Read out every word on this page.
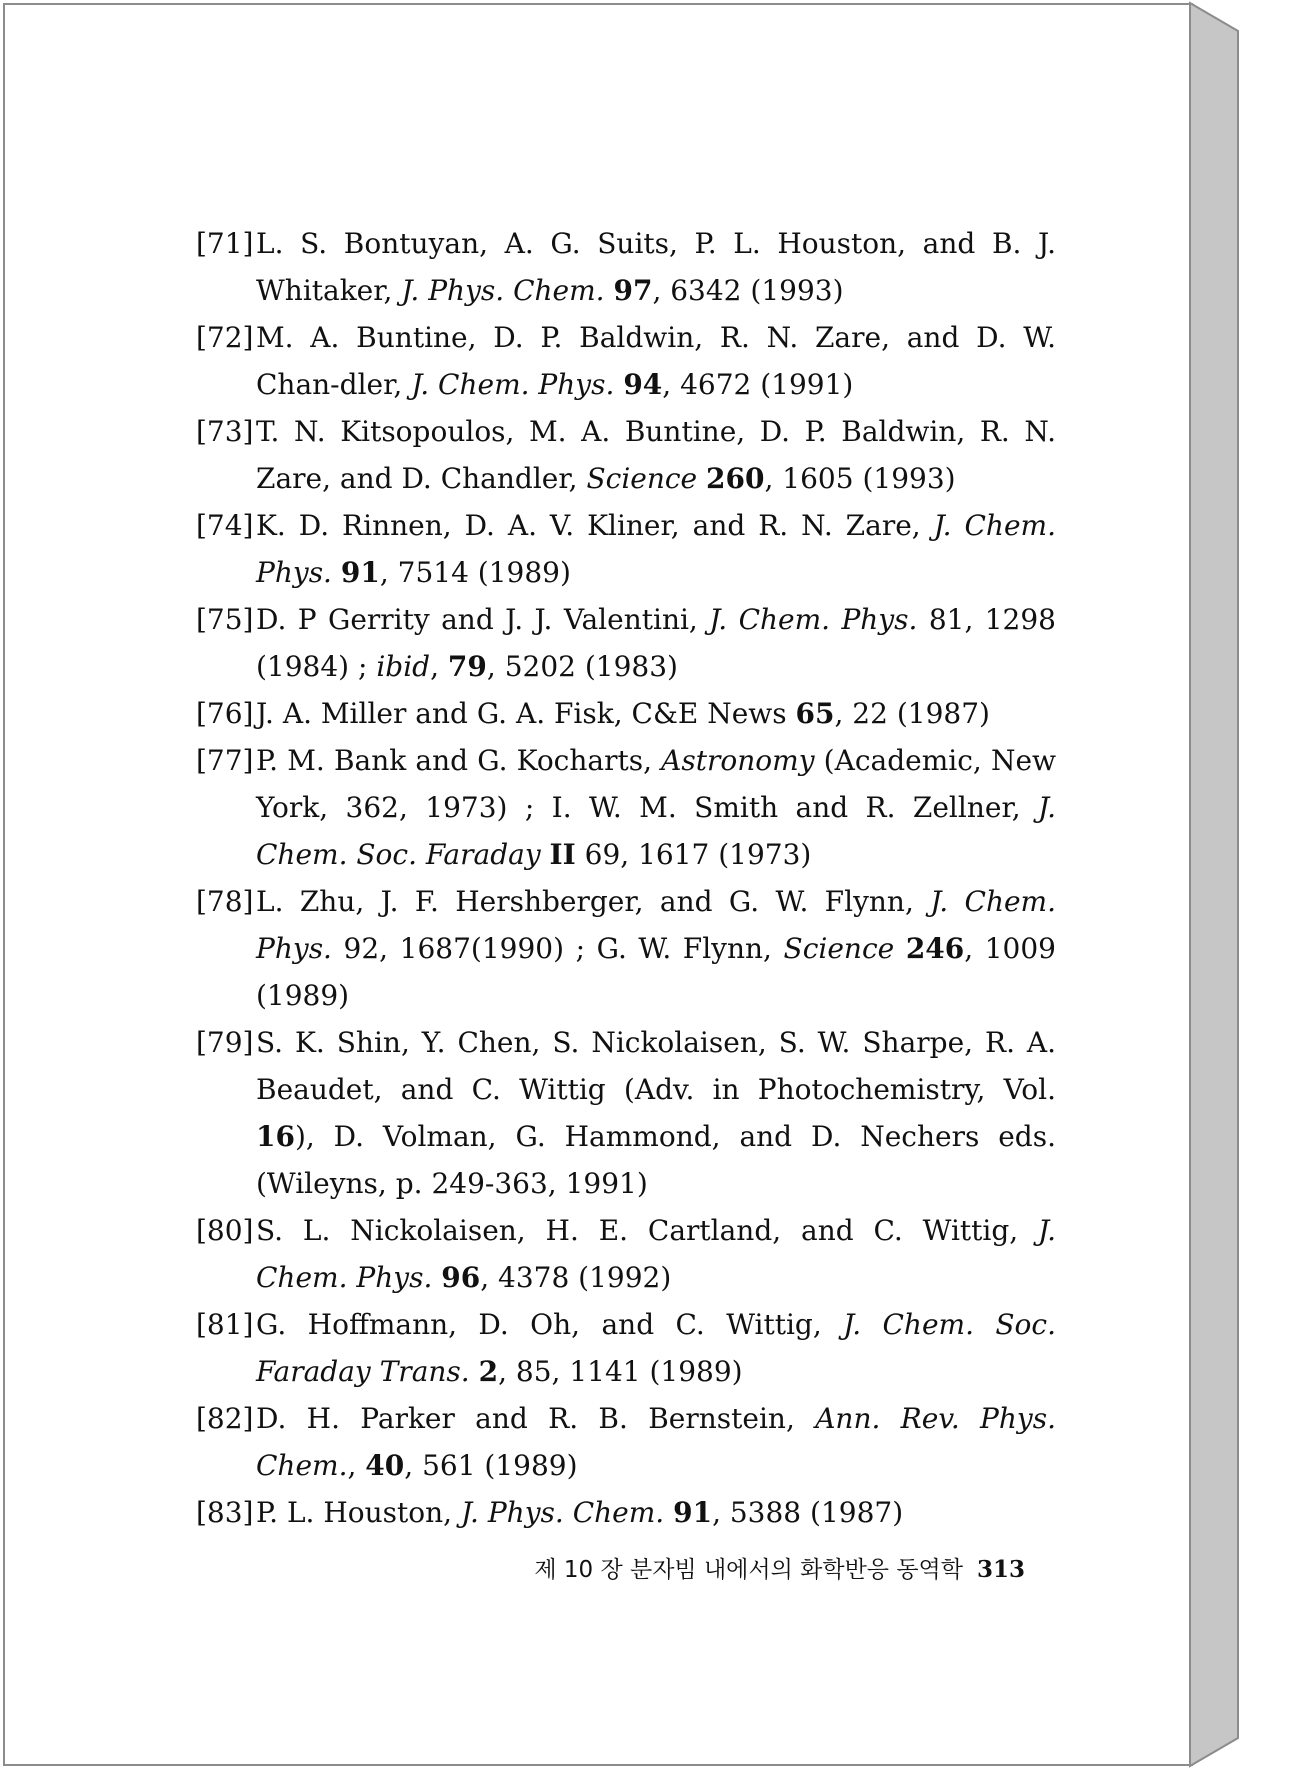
[71] L. S. Bontuyan, A. G. Suits, P. L. Houston, and B. J. Whitaker, J. Phys. Chem. 97, 6342 (1993)
[72] M. A. Buntine, D. P. Baldwin, R. N. Zare, and D. W. Chan-dler, J. Chem. Phys. 94, 4672 (1991)
[73] T. N. Kitsopoulos, M. A. Buntine, D. P. Baldwin, R. N. Zare, and D. Chandler, Science 260, 1605 (1993)
[74] K. D. Rinnen, D. A. V. Kliner, and R. N. Zare, J. Chem. Phys. 91, 7514 (1989)
[75] D. P Gerrity and J. J. Valentini, J. Chem. Phys. 81, 1298 (1984) ; ibid, 79, 5202 (1983)
[76] J. A. Miller and G. A. Fisk, C&E News 65, 22 (1987)
[77] P. M. Bank and G. Kocharts, Astronomy (Academic, New York, 362, 1973) ; I. W. M. Smith and R. Zellner, J. Chem. Soc. Faraday II 69, 1617 (1973)
[78] L. Zhu, J. F. Hershberger, and G. W. Flynn, J. Chem. Phys. 92, 1687(1990) ; G. W. Flynn, Science 246, 1009 (1989)
[79] S. K. Shin, Y. Chen, S. Nickolaisen, S. W. Sharpe, R. A. Beaudet, and C. Wittig (Adv. in Photochemistry, Vol. 16), D. Volman, G. Hammond, and D. Nechers eds. (Wileyns, p. 249-363, 1991)
[80] S. L. Nickolaisen, H. E. Cartland, and C. Wittig, J. Chem. Phys. 96, 4378 (1992)
[81] G. Hoffmann, D. Oh, and C. Wittig, J. Chem. Soc. Faraday Trans. 2, 85, 1141 (1989)
[82] D. H. Parker and R. B. Bernstein, Ann. Rev. Phys. Chem., 40, 561 (1989)
[83] P. L. Houston, J. Phys. Chem. 91, 5388 (1987)
제 10 장 분자빔 내에서의 화학반응 동역학 313
